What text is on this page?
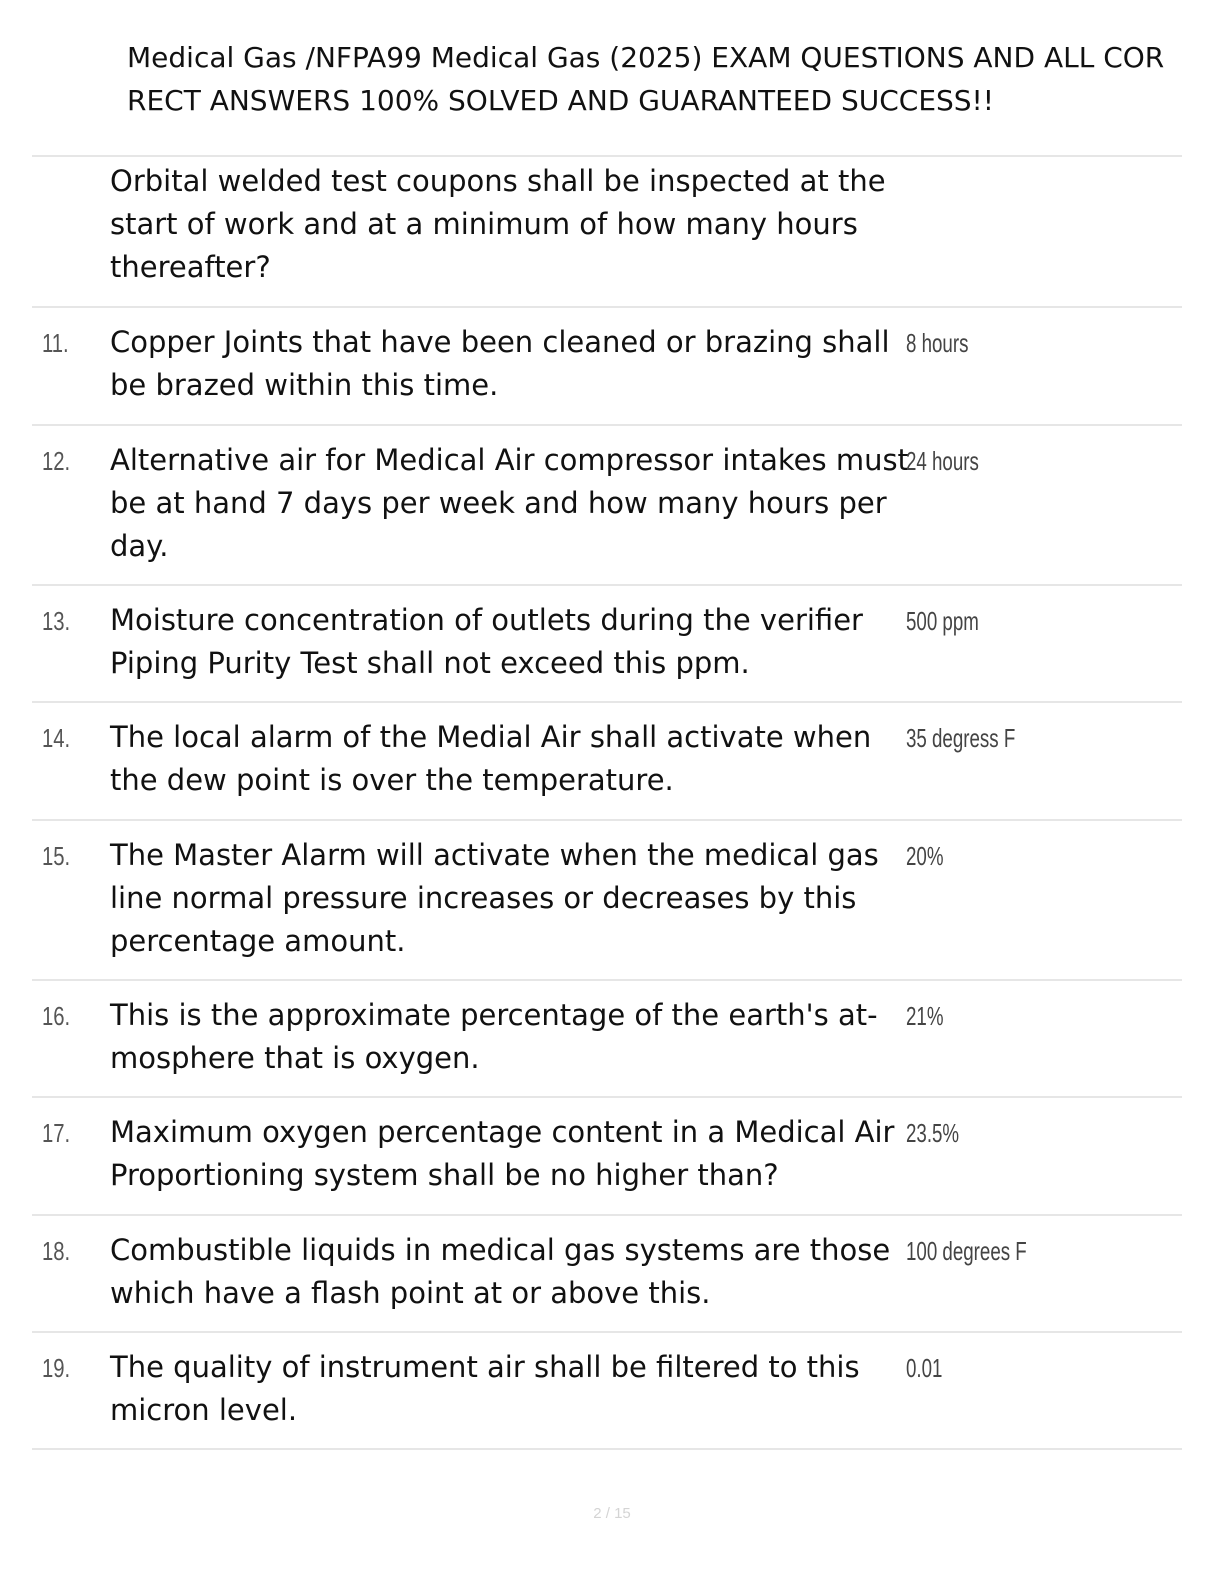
Medical Gas /NFPA99 Medical Gas (2025) EXAM QUESTIONS AND ALL COR
RECT ANSWERS 100% SOLVED AND GUARANTEED SUCCESS!!
Orbital welded test coupons shall be inspected at the start of work and at a minimum of how many hours thereafter?
11. Copper Joints that have been cleaned or brazing shall be brazed within this time.
8 hours
12. Alternative air for Medical Air compressor intakes must be at hand 7 days per week and how many hours per day.
24 hours
13. Moisture concentration of outlets during the verifier Piping Purity Test shall not exceed this ppm.
500 ppm
14. The local alarm of the Medial Air shall activate when the dew point is over the temperature.
35 degress F
15. The Master Alarm will activate when the medical gas line normal pressure increases or decreases by this percentage amount.
20%
16. This is the approximate percentage of the earth's at-mosphere that is oxygen.
21%
17. Maximum oxygen percentage content in a Medical Air Proportioning system shall be no higher than?
23.5%
18. Combustible liquids in medical gas systems are those which have a flash point at or above this.
100 degrees F
19. The quality of instrument air shall be filtered to this micron level.
0.01
2 / 15
